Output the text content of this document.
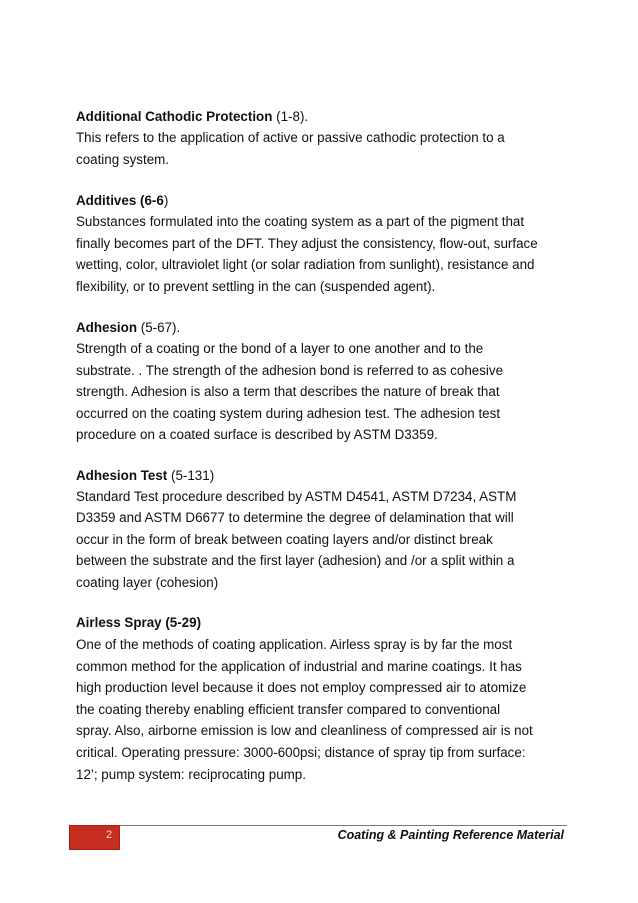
Additional Cathodic Protection (1-8).

This refers to the application of active or passive cathodic protection to a

coating system.

Additives (6-6)

Substances formulated into the coating system as a part of the pigment that

finally becomes part of the DFT. They adjust the consistency, flow-out, surface

wetting, color, ultraviolet light (or solar radiation from sunlight), resistance and

flexibility, or to prevent settling in the can (suspended agent).

Adhesion (5-67).

Strength of a coating or the bond of a layer to one another and to the

substrate. . The strength of the adhesion bond is referred to as cohesive

strength. Adhesion is also a term that describes the nature of break that

occurred on the coating system during adhesion test. The adhesion test

procedure on a coated surface is described by ASTM D3359.

Adhesion Test (5-131)

Standard Test procedure described by ASTM D4541, ASTM D7234, ASTM

D3359 and ASTM D6677 to determine the degree of delamination that will

occur in the form of break between coating layers and/or distinct break

between the substrate and the first layer (adhesion) and /or a split within a

coating layer (cohesion)

Airless Spray (5-29)

One of the methods of coating application. Airless spray is by far the most

common method for the application of industrial and marine coatings. It has

high production level because it does not employ compressed air to atomize

the coating thereby enabling efficient transfer compared to conventional

spray. Also, airborne emission is low and cleanliness of compressed air is not

critical. Operating pressure: 3000-600psi; distance of spray tip from surface:

12’; pump system: reciprocating pump.

2	Coating & Painting Reference Material
